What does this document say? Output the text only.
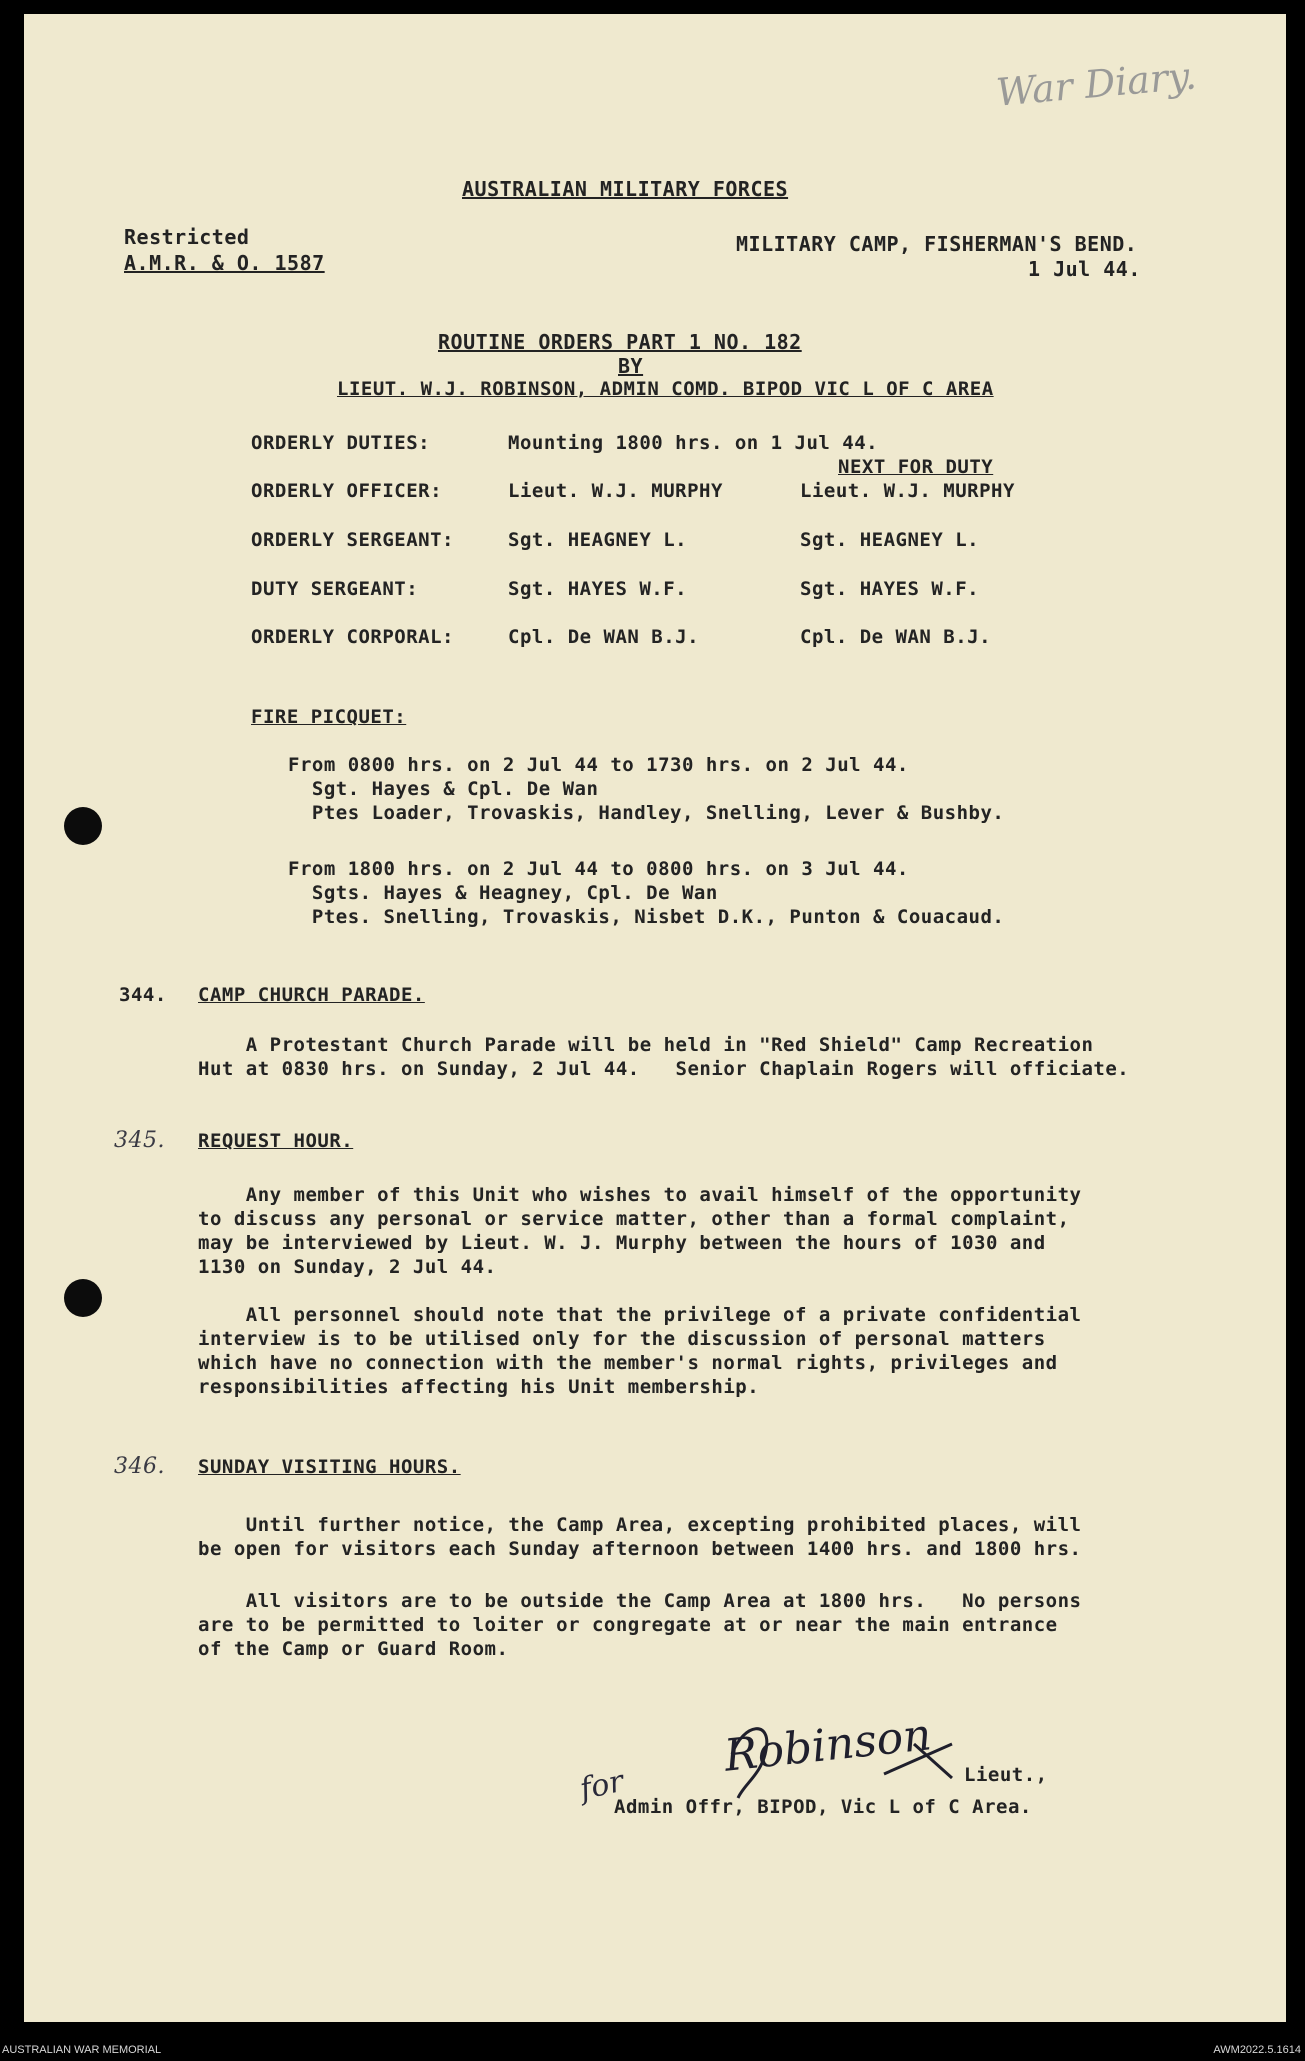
War Diary.
AUSTRALIAN MILITARY FORCES
Restricted
A.M.R. & O. 1587
MILITARY CAMP, FISHERMAN'S BEND.
1 Jul 44.
ROUTINE ORDERS PART 1 NO. 182
BY
LIEUT. W.J. ROBINSON, ADMIN COMD. BIPOD VIC L OF C AREA
ORDERLY DUTIES:	Mounting 1800 hrs. on 1 Jul 44.
NEXT FOR DUTY
ORDERLY OFFICER:	Lieut. W.J. MURPHY	Lieut. W.J. MURPHY
ORDERLY SERGEANT:	Sgt. HEAGNEY L.	Sgt. HEAGNEY L.
DUTY SERGEANT:	Sgt. HAYES W.F.	Sgt. HAYES W.F.
ORDERLY CORPORAL:	Cpl. De WAN B.J.	Cpl. De WAN B.J.
FIRE PICQUET:
From 0800 hrs. on 2 Jul 44 to 1730 hrs. on 2 Jul 44.
Sgt. Hayes & Cpl. De Wan
Ptes Loader, Trovaskis, Handley, Snelling, Lever & Bushby.
From 1800 hrs. on 2 Jul 44 to 0800 hrs. on 3 Jul 44.
Sgts. Hayes & Heagney, Cpl. De Wan
Ptes. Snelling, Trovaskis, Nisbet D.K., Punton & Couacaud.
344. CAMP CHURCH PARADE.
A Protestant Church Parade will be held in "Red Shield" Camp Recreation
Hut at 0830 hrs. on Sunday, 2 Jul 44.   Senior Chaplain Rogers will officiate.
345. REQUEST HOUR.
Any member of this Unit who wishes to avail himself of the opportunity
to discuss any personal or service matter, other than a formal complaint,
may be interviewed by Lieut. W. J. Murphy between the hours of 1030 and
1130 on Sunday, 2 Jul 44.
All personnel should note that the privilege of a private confidential
interview is to be utilised only for the discussion of personal matters
which have no connection with the member's normal rights, privileges and
responsibilities affecting his Unit membership.
346. SUNDAY VISITING HOURS.
Until further notice, the Camp Area, excepting prohibited places, will
be open for visitors each Sunday afternoon between 1400 hrs. and 1800 hrs.
All visitors are to be outside the Camp Area at 1800 hrs.   No persons
are to be permitted to loiter or congregate at or near the main entrance
of the Camp or Guard Room.
for
Robinson Lieut.,
Admin Offr, BIPOD, Vic L of C Area.
AUSTRALIAN WAR MEMORIAL	AWM2022.5.1614
